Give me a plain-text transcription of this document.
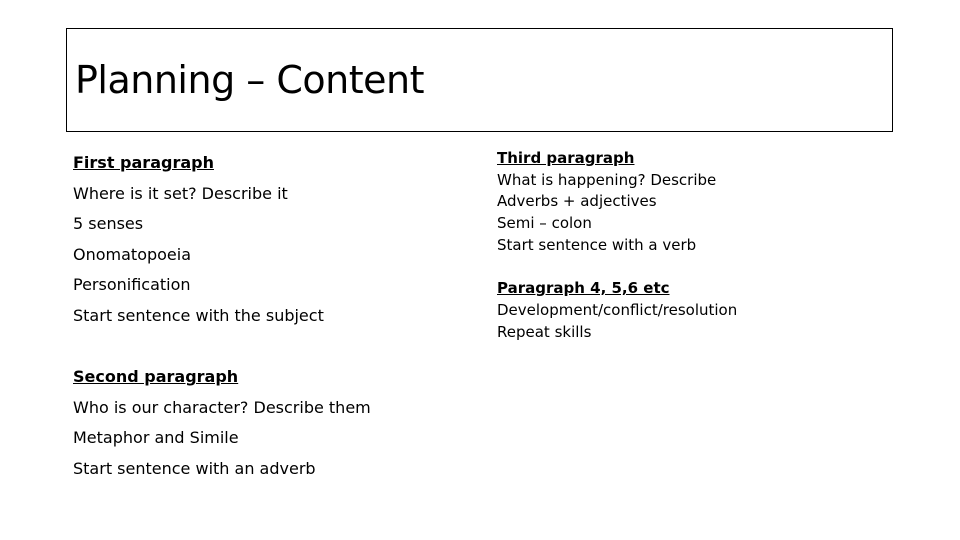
Planning – Content
First paragraph
Where is it set? Describe it
5 senses
Onomatopoeia
Personification
Start sentence with the subject
Second paragraph
Who is our character? Describe them
Metaphor and Simile
Start sentence with an adverb
Third paragraph
What is happening? Describe
Adverbs + adjectives
Semi – colon
Start sentence with a verb
Paragraph 4, 5,6 etc
Development/conflict/resolution
Repeat skills
